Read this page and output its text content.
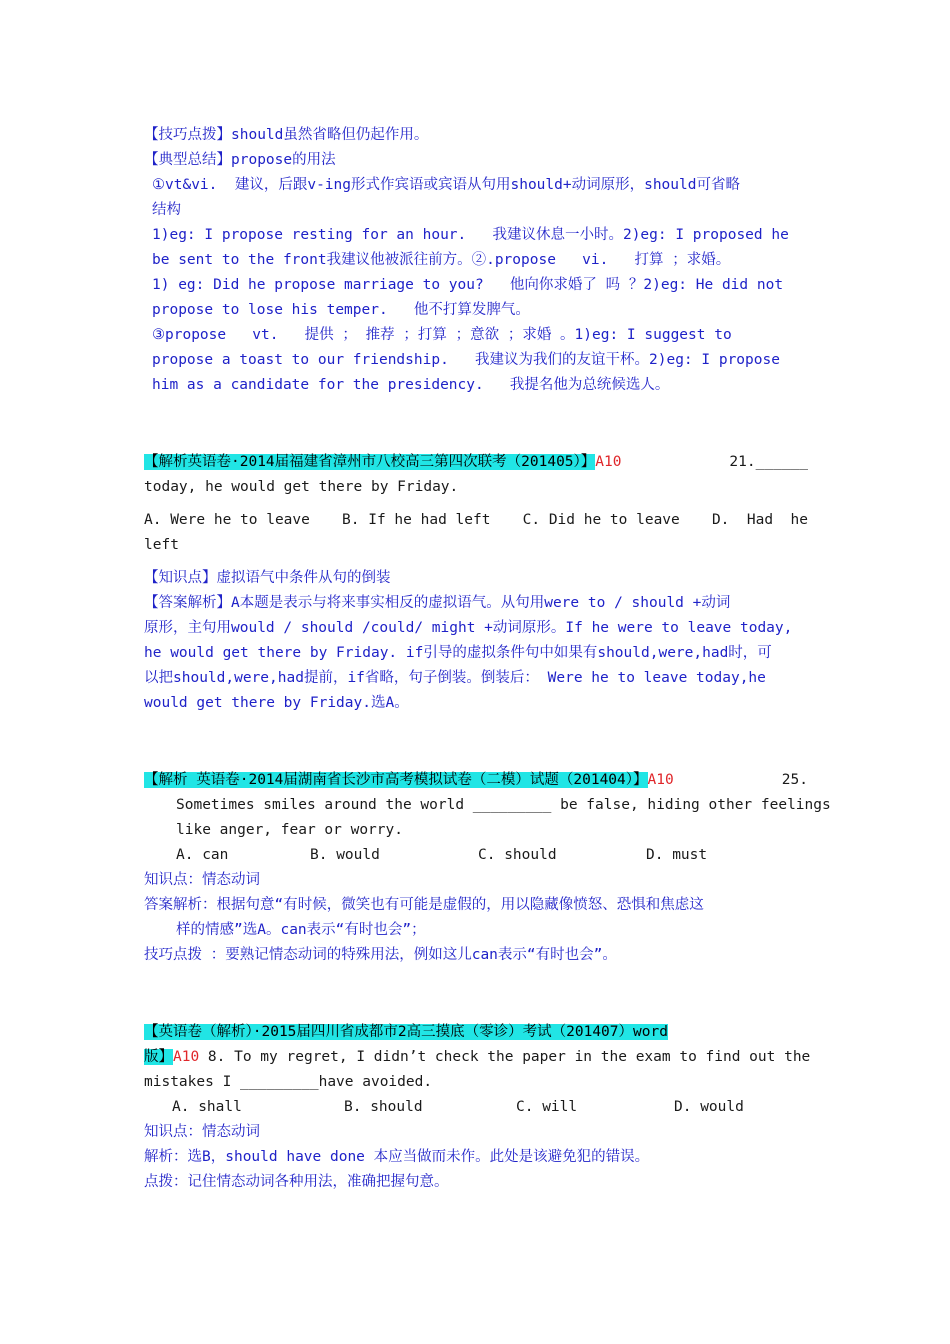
【技巧点拨】should虽然省略但仍起作用。
【典型总结】propose的用法
①vt&vi.  建议，后跟v-ing形式作宾语或宾语从句用should+动词原形，should可省略
结构
1)eg: I propose resting for an hour.   我建议休息一小时。2)eg: I proposed he
be sent to the front我建议他被派往前方。②.propose   vi.   打算 ；求婚。
1) eg: Did he propose marriage to you?   他向你求婚了 吗 ？2)eg: He did not
propose to lose his temper.   他不打算发脾气。
③propose   vt.   提供 ； 推荐 ；打算 ；意欲 ；求婚 。1)eg: I suggest to
propose a toast to our friendship.   我建议为我们的友谊干杯。2)eg: I propose
him as a candidate for the presidency.   我提名他为总统候选人。
【解析英语卷·2014届福建省漳州市八校高三第四次联考（201405）】A10	21.______
today, he would get there by Friday.
A. Were he to leave B. If he had left C. Did he to leave D.  Had  he
left
【知识点】虚拟语气中条件从句的倒装
【答案解析】A本题是表示与将来事实相反的虚拟语气。从句用were to / should +动词
原形，主句用would / should /could/ might +动词原形。If he were to leave today,
he would get there by Friday. if引导的虚拟条件句中如果有should,were,had时，可
以把should,were,had提前，if省略，句子倒装。倒装后： Were he to leave today,he
would get there by Friday.选A。
【解析 英语卷·2014届湖南省长沙市高考模拟试卷（二模）试题（201404）】A10	25.
Sometimes smiles around the world _________ be false, hiding other feelings
like anger, fear or worry.
A. can	B. would	C. should	D. must
知识点：情态动词
答案解析：根据句意“有时候，微笑也有可能是虚假的，用以隐藏像愤怒、恐惧和焦虑这
样的情感”选A。can表示“有时也会”；
技巧点拨 ：要熟记情态动词的特殊用法，例如这儿can表示“有时也会”。
【英语卷（解析）·2015届四川省成都市2高三摸底（零诊）考试（201407）word
版】A10 8. To my regret, I didn’t check the paper in the exam to find out the
mistakes I _________have avoided.
A. shall	B. should	C. will	D. would
知识点：情态动词
解析：选B，should have done 本应当做而未作。此处是该避免犯的错误。
点拨：记住情态动词各种用法，准确把握句意。
